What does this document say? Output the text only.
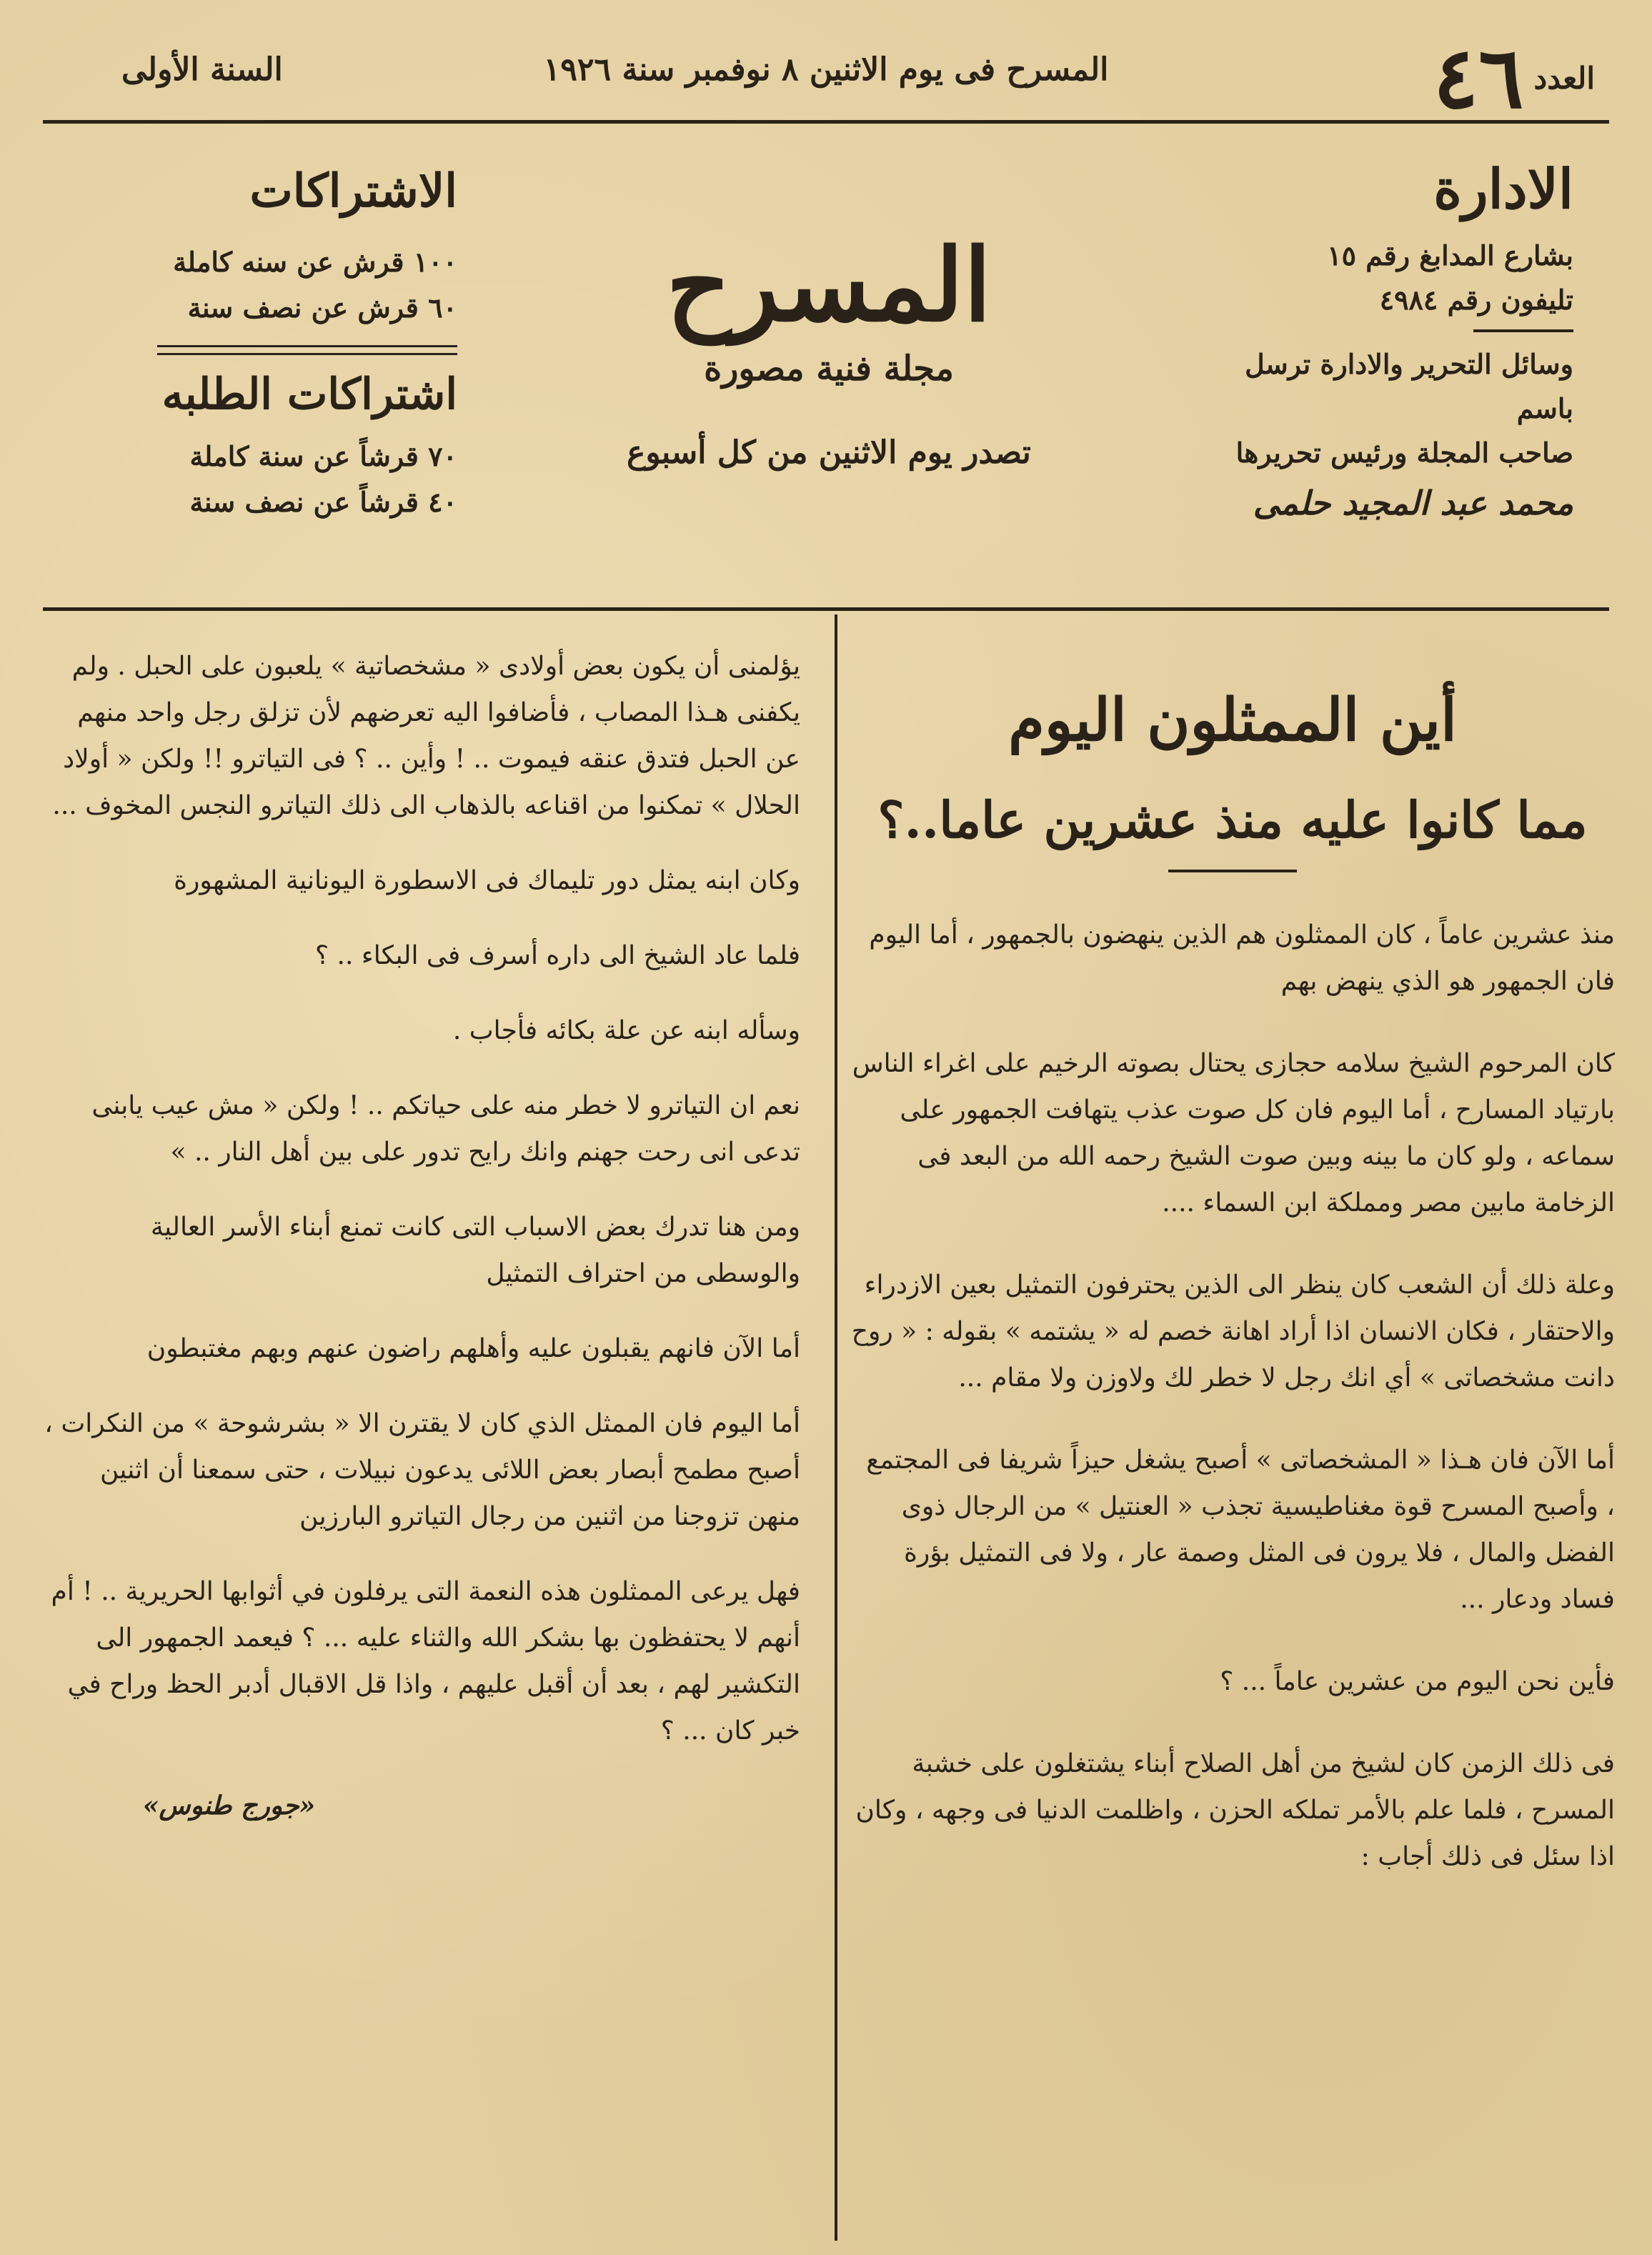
العدد
٤٦
المسرح فى يوم الاثنين ٨ نوفمبر سنة ١٩٢٦
السنة الأولى
الادارة

بشارع المدابغ رقم ١٥

تليفون رقم ٤٩٨٤

وسائل التحرير والادارة ترسل باسم

صاحب المجلة ورئيس تحريرها

محمد عبد المجيد حلمى

المسرح
مجلة فنية مصورة
تصدر يوم الاثنين من كل أسبوع
الاشتراكات

١٠٠ قرش عن سنه كاملة

٦٠ قرش عن نصف سنة

اشتراكات الطلبه

٧٠ قرشاً عن سنة كاملة

٤٠ قرشاً عن نصف سنة

أين الممثلون اليوم
مما كانوا عليه منذ عشرين عاما..؟

منذ عشرين عاماً ، كان الممثلون هم الذين ينهضون بالجمهور ، أما اليوم فان الجمهور هو الذي ينهض بهم

كان المرحوم الشيخ سلامه حجازى يحتال بصوته الرخيم على اغراء الناس بارتياد المسارح ، أما اليوم فان كل صوت عذب يتهافت الجمهور على سماعه ، ولو كان ما بينه وبين صوت الشيخ رحمه الله من البعد فى الزخامة مابين مصر ومملكة ابن السماء ....

وعلة ذلك أن الشعب كان ينظر الى الذين يحترفون التمثيل بعين الازدراء والاحتقار ، فكان الانسان اذا أراد اهانة خصم له « يشتمه » بقوله : « روح دانت مشخصاتى » أي انك رجل لا خطر لك ولاوزن ولا مقام ...

أما الآن فان هـذا « المشخصاتى » أصبح يشغل حيزاً شريفا فى المجتمع ، وأصبح المسرح قوة مغناطيسية تجذب « العنتيل » من الرجال ذوى الفضل والمال ، فلا يرون فى المثل وصمة عار ، ولا فى التمثيل بؤرة فساد ودعار ...

فأين نحن اليوم من عشرين عاماً ... ؟

فى ذلك الزمن كان لشيخ من أهل الصلاح أبناء يشتغلون على خشبة المسرح ، فلما علم بالأمر تملكه الحزن ، واظلمت الدنيا فى وجهه ، وكان اذا سئل فى ذلك أجاب :

يؤلمنى أن يكون بعض أولادى « مشخصاتية » يلعبون على الحبل . ولم يكفنى هـذا المصاب ، فأضافوا اليه تعرضهم لأن تزلق رجل واحد منهم عن الحبل فتدق عنقه فيموت .. ! وأين .. ؟ فى التياترو !! ولكن « أولاد الحلال » تمكنوا من اقناعه بالذهاب الى ذلك التياترو النجس المخوف ...

وكان ابنه يمثل دور تليماك فى الاسطورة اليونانية المشهورة

فلما عاد الشيخ الى داره أسرف فى البكاء .. ؟

وسأله ابنه عن علة بكائه فأجاب .

نعم ان التياترو لا خطر منه على حياتكم .. ! ولكن « مش عيب يابنى تدعى انى رحت جهنم وانك رايح تدور على بين أهل النار .. »

ومن هنا تدرك بعض الاسباب التى كانت تمنع أبناء الأسر العالية والوسطى من احتراف التمثيل

أما الآن فانهم يقبلون عليه وأهلهم راضون عنهم وبهم مغتبطون

أما اليوم فان الممثل الذي كان لا يقترن الا « بشرشوحة » من النكرات ، أصبح مطمح أبصار بعض اللائى يدعون نبيلات ، حتى سمعنا أن اثنين منهن تزوجنا من اثنين من رجال التياترو البارزين

فهل يرعى الممثلون هذه النعمة التى يرفلون في أثوابها الحريرية .. ! أم أنهم لا يحتفظون بها بشكر الله والثناء عليه ... ؟ فيعمد الجمهور الى التكشير لهم ، بعد أن أقبل عليهم ، واذا قل الاقبال أدبر الحظ وراح في خبر كان ... ؟

«جورج طنوس»
